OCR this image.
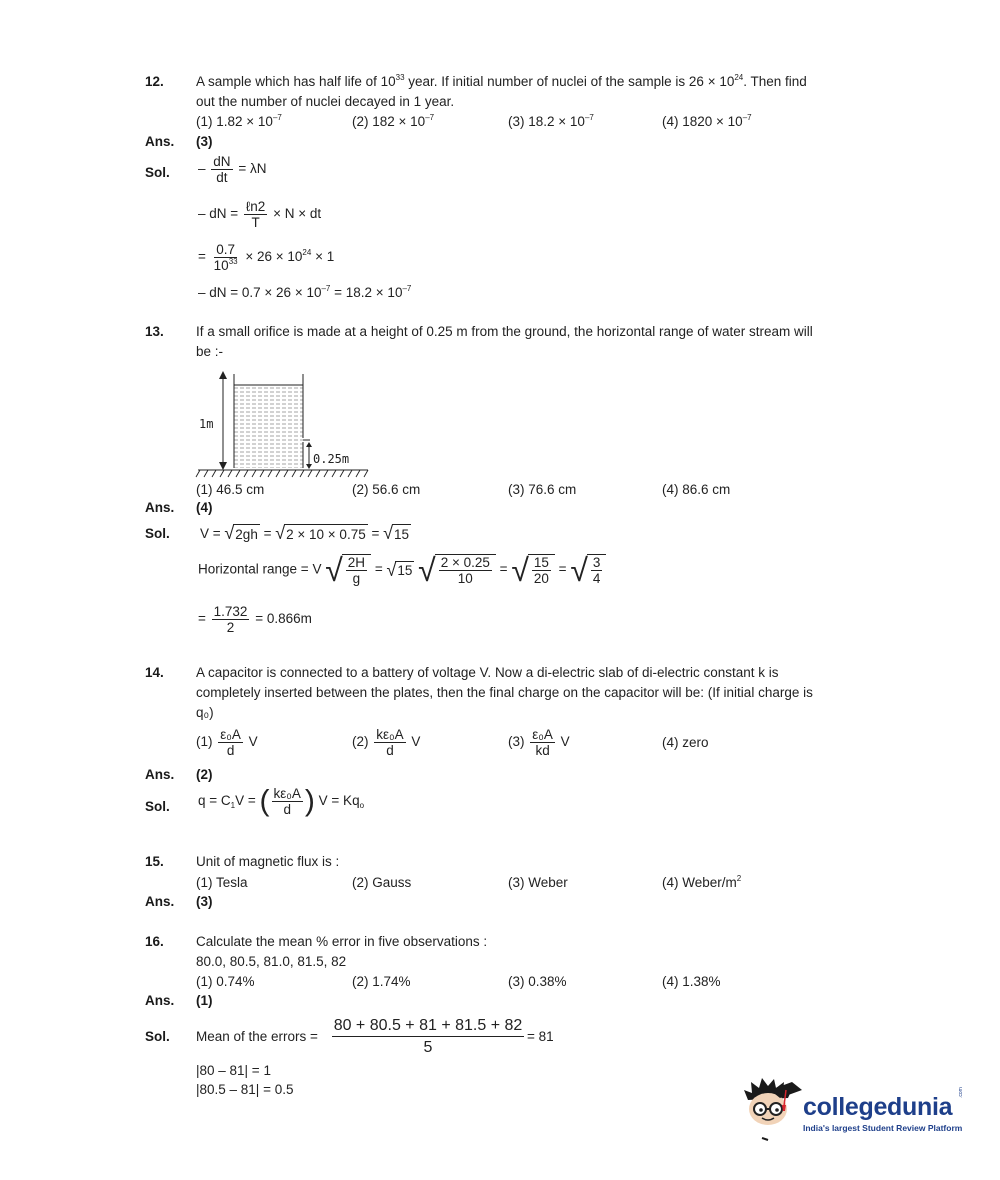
12. A sample which has half life of $10^{33}$ year. If initial number of nuclei of the sample is $26 \times 10^{24}$. Then find
out the number of nuclei decayed in 1 year.
(1) $1.82 \times 10^{-7}$	(2) $182 \times 10^{-7}$	(3) $18.2 \times 10^{-7}$	(4) $1820 \times 10^{-7}$
Ans. (3)
Sol. – $\frac{dN}{dt} = \lambda N$
– dN = $\frac{\text{ℓn2}}{T} \times N$ × dt
= $\frac{0.7}{10^{33}} \times 26 \times 10^{24} \times 1$
– dN = $0.7 \times 26 \times 10^{-7} = 18.2 \times 10^{-7}$
13. If a small orifice is made at a height of 0.25 m from the ground, the horizontal range of water stream will
be :-
1m
0.25m
(1) 46.5 cm	(2) 56.6 cm	(3) 76.6 cm	(4) 86.6 cm
Ans. (4)
Sol. V = √ 2gh = √ 2 × 10 × 0.75 = √ 15
Horizontal range = V √ $\frac{2H}{g}$ = √ 15
√ $\frac{2 \times 0.25}{10}$ = √ $\frac{15}{20}$ = √ $\frac{3}{4}$
= $\frac{1.732}{2} = 0.866m$
14. A capacitor is connected to a battery of voltage V. Now a di-electric slab of di-electric constant k is
completely inserted between the plates, then the final charge on the capacitor will be: (If initial charge is
q₀)
$(1) \frac{\text{ε₀A}}{d}$ V	$(2) \frac{\text{kε₀A}}{d}$ V	$(3) \frac{\text{ε₀A}}{kd}$ V	(4) zero
Ans. (2)
Sol. $q = C_1V$ = ( $\frac{\text{kε₀A}}{d}$ ) $V = Kq_o$
15. Unit of magnetic flux is :
(1) Tesla	(2) Gauss	(3) Weber	(4) Weber/$m^2$
Ans. (3)
16. Calculate the mean % error in five observations :
80.0, 80.5, 81.0, 81.5, 82
(1) 0.74%	(2) 1.74%	(3) 0.38%	(4) 1.38%
Ans. (1)
Sol. Mean of the errors =
80 + 80.5 + 81 + 81.5 + 82
5
= 81
|80 – 81| = 1
|80.5 – 81| = 0.5
collegedunia
.com
India's largest Student Review Platform
